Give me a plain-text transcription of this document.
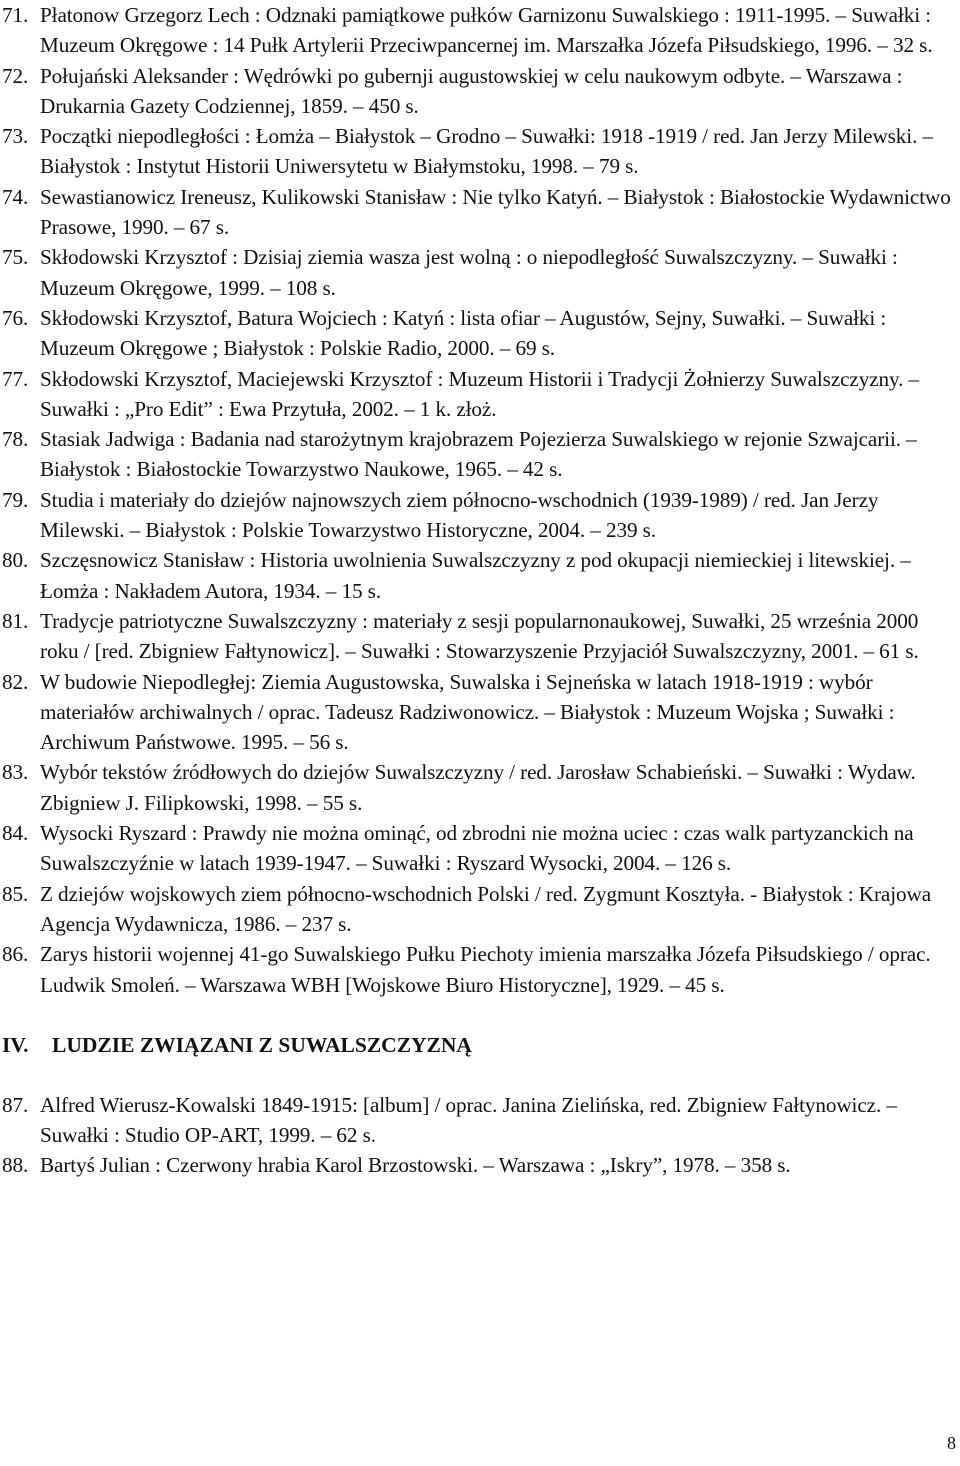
71. Płatonow Grzegorz Lech : Odznaki pamiątkowe pułków Garnizonu Suwalskiego : 1911-1995. – Suwałki : Muzeum Okręgowe : 14 Pułk Artylerii Przeciwpancernej im. Marszałka Józefa Piłsudskiego, 1996. – 32 s.
72. Połujański Aleksander : Wędrówki po gubernji augustowskiej w celu naukowym odbyte. – Warszawa : Drukarnia Gazety Codziennej, 1859. – 450 s.
73. Początki niepodległości : Łomża – Białystok – Grodno – Suwałki: 1918 -1919 / red. Jan Jerzy Milewski. – Białystok : Instytut Historii Uniwersytetu w Białymstoku, 1998. – 79 s.
74. Sewastianowicz Ireneusz, Kulikowski Stanisław : Nie tylko Katyń. – Białystok : Białostockie Wydawnictwo Prasowe, 1990. – 67 s.
75. Skłodowski Krzysztof : Dzisiaj ziemia wasza jest wolną : o niepodległość Suwalszczyzny. – Suwałki : Muzeum Okręgowe, 1999. – 108 s.
76. Skłodowski Krzysztof, Batura Wojciech : Katyń : lista ofiar – Augustów, Sejny, Suwałki. – Suwałki : Muzeum Okręgowe ; Białystok : Polskie Radio, 2000. – 69 s.
77. Skłodowski Krzysztof, Maciejewski Krzysztof : Muzeum Historii i Tradycji Żołnierzy Suwalszczyzny. – Suwałki : „Pro Edit” : Ewa Przytuła, 2002. – 1 k. złoż.
78. Stasiak Jadwiga : Badania nad starożytnym krajobrazem Pojezierza Suwalskiego w rejonie Szwajcarii. – Białystok : Białostockie Towarzystwo Naukowe, 1965. – 42 s.
79. Studia i materiały do dziejów najnowszych ziem północno-wschodnich (1939-1989) / red. Jan Jerzy Milewski. – Białystok : Polskie Towarzystwo Historyczne, 2004. – 239 s.
80. Szczęsnowicz Stanisław : Historia uwolnienia Suwalszczyzny z pod okupacji niemieckiej i litewskiej. – Łomża : Nakładem Autora, 1934. – 15 s.
81. Tradycje patriotyczne Suwalszczyzny : materiały z sesji popularnonaukowej, Suwałki, 25 września 2000 roku / [red. Zbigniew Fałtynowicz]. – Suwałki : Stowarzyszenie Przyjaciół Suwalszczyzny, 2001. – 61 s.
82. W budowie Niepodległej: Ziemia Augustowska, Suwalska i Sejneńska w latach 1918-1919 : wybór materiałów archiwalnych / oprac. Tadeusz Radziwonowicz. – Białystok : Muzeum Wojska ; Suwałki : Archiwum Państwowe. 1995. – 56 s.
83. Wybór tekstów źródłowych do dziejów Suwalszczyzny / red. Jarosław Schabieński. – Suwałki : Wydaw. Zbigniew J. Filipkowski, 1998. – 55 s.
84. Wysocki Ryszard : Prawdy nie można ominąć, od zbrodni nie można uciec : czas walk partyzanckich na Suwalszczyźnie w latach 1939-1947. – Suwałki : Ryszard Wysocki, 2004. – 126 s.
85. Z dziejów wojskowych ziem północno-wschodnich Polski / red. Zygmunt Kosztyła. - Białystok : Krajowa Agencja Wydawnicza, 1986. – 237 s.
86. Zarys historii wojennej 41-go Suwalskiego Pułku Piechoty imienia marszałka Józefa Piłsudskiego / oprac. Ludwik Smoleń. – Warszawa WBH [Wojskowe Biuro Historyczne], 1929. – 45 s.
IV. LUDZIE ZWIĄZANI Z SUWALSZCZYZNĄ
87. Alfred Wierusz-Kowalski 1849-1915: [album] / oprac. Janina Zielińska, red. Zbigniew Fałtynowicz. – Suwałki : Studio OP-ART, 1999. – 62 s.
88. Bartyś Julian : Czerwony hrabia Karol Brzostowski. – Warszawa : „Iskry”, 1978. – 358 s.
8
